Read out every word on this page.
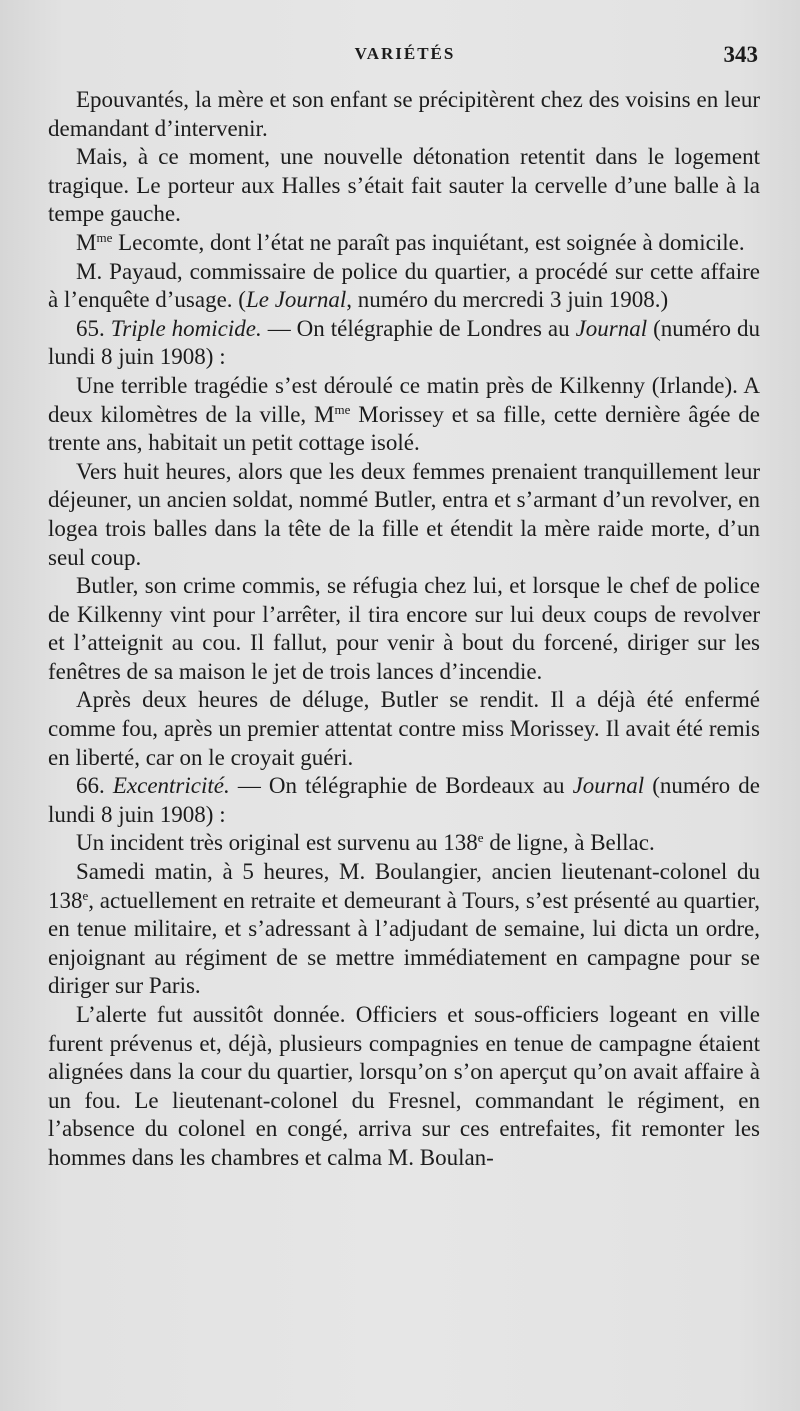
VARIÉTÉS	343

Epouvantés, la mère et son enfant se précipitèrent chez des voisins en leur demandant d’intervenir.

Mais, à ce moment, une nouvelle détonation retentit dans le logement tragique. Le porteur aux Halles s’était fait sauter la cervelle d’une balle à la tempe gauche.

$M^{me}$ Lecomte, dont l’état ne paraît pas inquiétant, est soignée à domicile.

M. Payaud, commissaire de police du quartier, a procédé sur cette affaire à l’enquête d’usage. (Le Journal, numéro du mercredi 3 juin 1908.)

65. Triple homicide. — On télégraphie de Londres au Journal (numéro du lundi 8 juin 1908) :

Une terrible tragédie s’est déroulé ce matin près de Kilkenny (Irlande). A deux kilomètres de la ville, $M^{me}$ Morissey et sa fille, cette dernière âgée de trente ans, habitait un petit cottage isolé.

Vers huit heures, alors que les deux femmes prenaient tranquillement leur déjeuner, un ancien soldat, nommé Butler, entra et s’armant d’un revolver, en logea trois balles dans la tête de la fille et étendit la mère raide morte, d’un seul coup.

Butler, son crime commis, se réfugia chez lui, et lorsque le chef de police de Kilkenny vint pour l’arrêter, il tira encore sur lui deux coups de revolver et l’atteignit au cou. Il fallut, pour venir à bout du forcené, diriger sur les fenêtres de sa maison le jet de trois lances d’incendie.

Après deux heures de déluge, Butler se rendit. Il a déjà été enfermé comme fou, après un premier attentat contre miss Morissey. Il avait été remis en liberté, car on le croyait guéri.

66. Excentricité. — On télégraphie de Bordeaux au Journal (numéro de lundi 8 juin 1908) :

Un incident très original est survenu au 138e de ligne, à Bellac.

Samedi matin, à 5 heures, M. Boulangier, ancien lieutenant-colonel du 138e, actuellement en retraite et demeurant à Tours, s’est présenté au quartier, en tenue militaire, et s’adressant à l’adjudant de semaine, lui dicta un ordre, enjoignant au régiment de se mettre immédiatement en campagne pour se diriger sur Paris.

L’alerte fut aussitôt donnée. Officiers et sous-officiers logeant en ville furent prévenus et, déjà, plusieurs compagnies en tenue de campagne étaient alignées dans la cour du quartier, lorsqu’on s’on aperçut qu’on avait affaire à un fou. Le lieutenant-colonel du Fresnel, commandant le régiment, en l’absence du colonel en congé, arriva sur ces entrefaites, fit remonter les hommes dans les chambres et calma M. Boulan-
